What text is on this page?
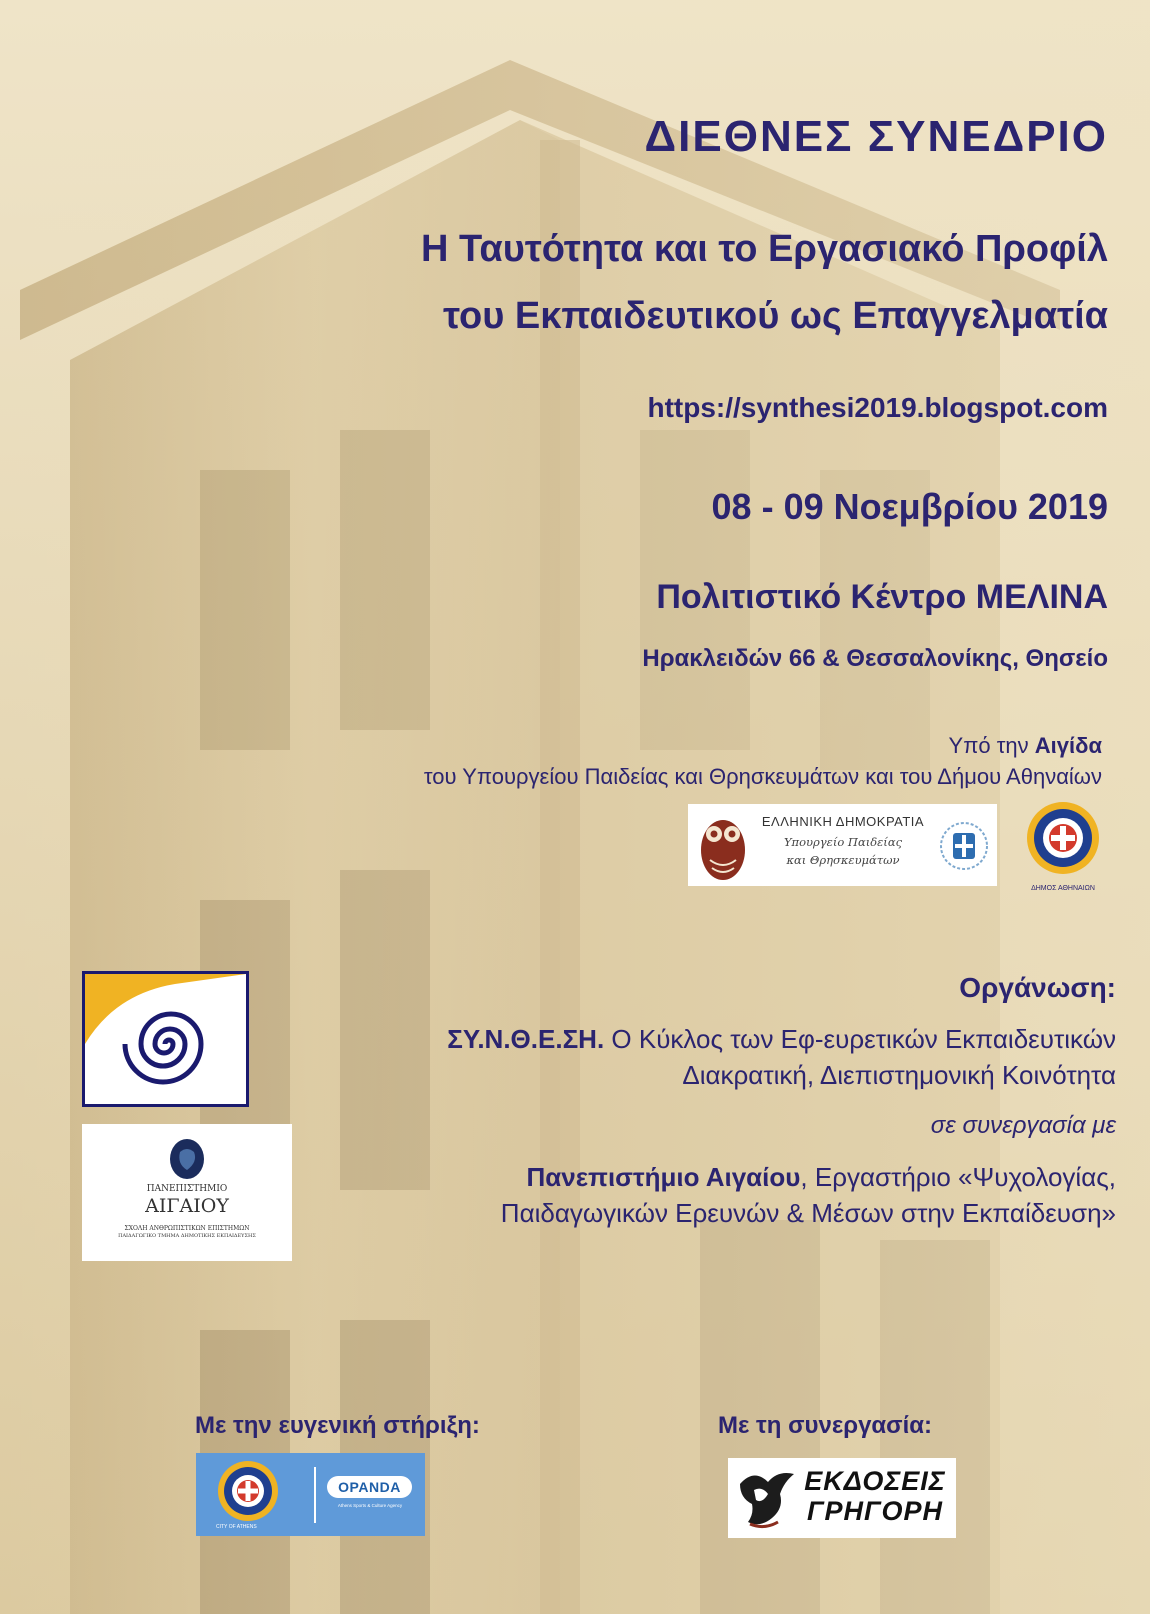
ΔΙΕΘΝΕΣ ΣΥΝΕΔΡΙΟ
Η Ταυτότητα και το Εργασιακό Προφίλ
του Εκπαιδευτικού ως Επαγγελματία
https://synthesi2019.blogspot.com
08 - 09 Νοεμβρίου 2019
Πολιτιστικό Κέντρο ΜΕΛΙΝΑ
Ηρακλειδών 66 & Θεσσαλονίκης, Θησείο
Υπό την Αιγίδα
του Υπουργείου Παιδείας και Θρησκευμάτων και του Δήμου Αθηναίων
ΕΛΛΗΝΙΚΗ ΔΗΜΟΚΡΑΤΙΑ
Υπουργείο Παιδείας
και Θρησκευμάτων
ΔΗΜΟΣ ΑΘΗΝΑΙΩΝ
Οργάνωση:
ΣΥ.Ν.Θ.Ε.ΣΗ. Ο Κύκλος των Εφ-ευρετικών Εκπαιδευτικών
Διακρατική, Διεπιστημονική Κοινότητα
σε συνεργασία με
Πανεπιστήμιο Αιγαίου, Εργαστήριο «Ψυχολογίας,
Παιδαγωγικών Ερευνών & Μέσων στην Εκπαίδευση»
ΠΑΝΕΠΙΣΤΗΜΙΟ
ΑΙΓΑΙΟΥ
ΣΧΟΛΗ ΑΝΘΡΩΠΙΣΤΙΚΩΝ ΕΠΙΣΤΗΜΩΝ
ΠΑΙΔΑΓΩΓΙΚΟ ΤΜΗΜΑ ΔΗΜΟΤΙΚΗΣ ΕΚΠΑΙΔΕΥΣΗΣ
Με την ευγενική στήριξη:	Με τη συνεργασία:
CITY OF ATHENS
OPANDA
Athens Sports & Culture Agency
ΕΚΔΟΣΕΙΣ
ΓΡΗΓΟΡΗ
